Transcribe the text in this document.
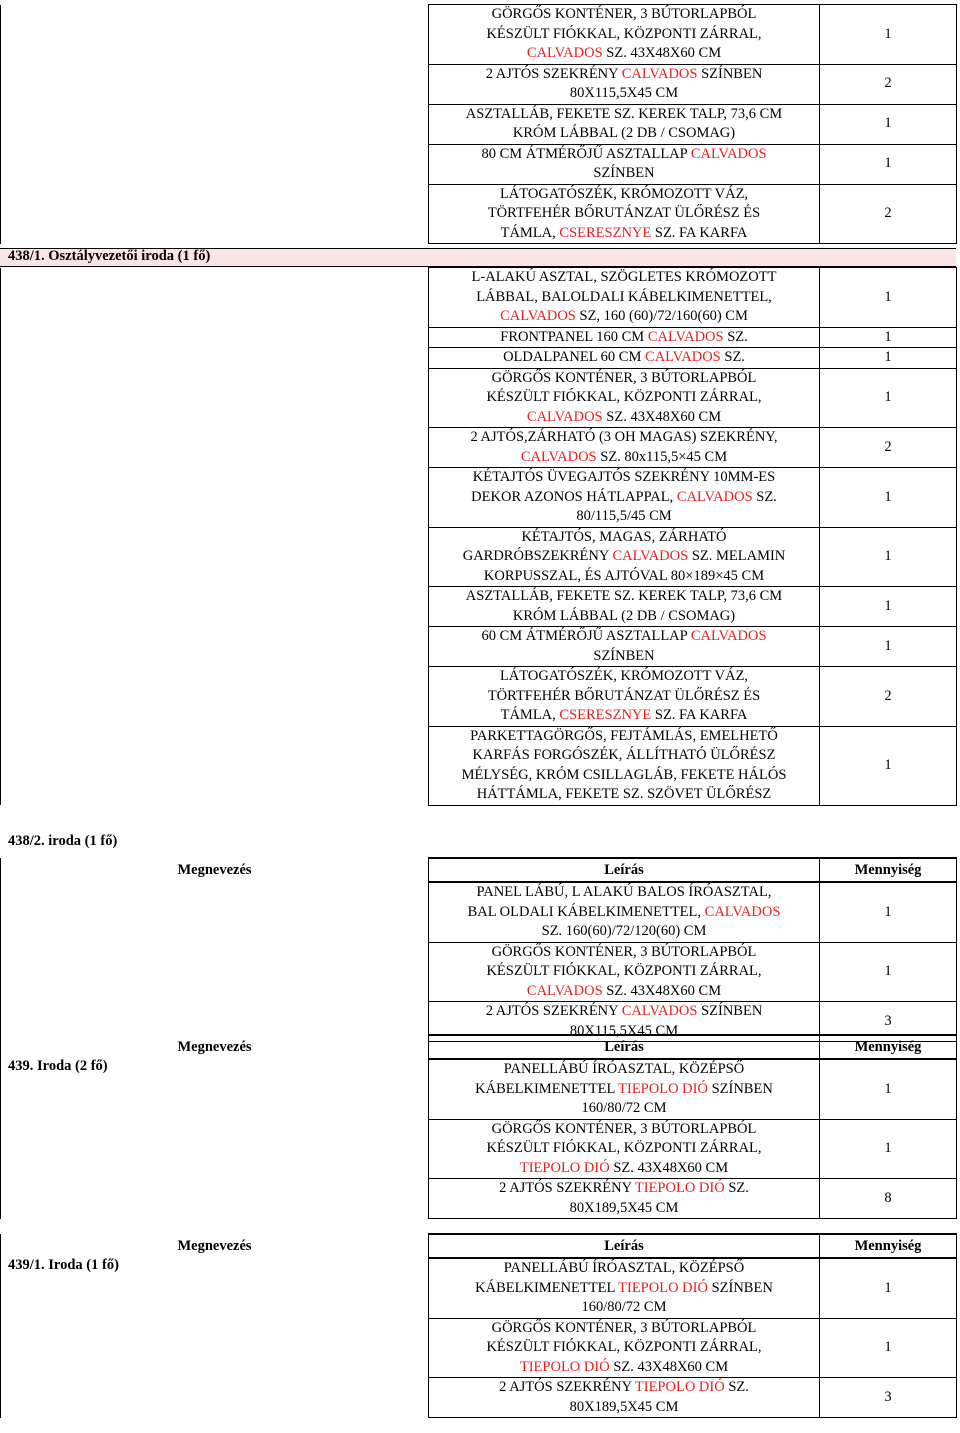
	GÖRGŐS KONTÉNER, 3 BÚTORLAPBÓL
KÉSZÜLT FIÓKKAL, KÖZPONTI ZÁRRAL,
CALVADOS SZ. 43X48X60 CM	1

	2 AJTÓS SZEKRÉNY CALVADOS SZÍNBEN
80X115,5X45 CM	2

	ASZTALLÁB, FEKETE SZ. KEREK TALP, 73,6 CM
KRÓM LÁBBAL (2 DB / CSOMAG)	1

	80 CM ÁTMÉRŐJŰ ASZTALLAP CALVADOS
SZÍNBEN	1

	LÁTOGATÓSZÉK, KRÓMOZOTT VÁZ,
TÖRTFEHÉR BŐRUTÁNZAT ÜLŐRÉSZ ÉS
TÁMLA, CSERESZNYE SZ. FA KARFA	2
438/1. Osztályvezetői iroda (1 fő)

	L-ALAKÚ ASZTAL, SZÖGLETES KRÓMOZOTT
LÁBBAL, BALOLDALI KÁBELKIMENETTEL,
CALVADOS SZ, 160 (60)/72/160(60) CM	1

	FRONTPANEL 160 CM CALVADOS SZ.	1

	OLDALPANEL 60 CM CALVADOS SZ.	1

	GÖRGŐS KONTÉNER, 3 BÚTORLAPBÓL
KÉSZÜLT FIÓKKAL, KÖZPONTI ZÁRRAL,
CALVADOS SZ. 43X48X60 CM	1

	2 AJTÓS,ZÁRHATÓ (3 OH MAGAS) SZEKRÉNY,
CALVADOS SZ. 80x115,5×45 CM	2

	KÉTAJTÓS ÜVEGAJTÓS SZEKRÉNY 10MM-ES
DEKOR AZONOS HÁTLAPPAL, CALVADOS SZ.
80/115,5/45 CM	1

	KÉTAJTÓS, MAGAS, ZÁRHATÓ
GARDRÓBSZEKRÉNY CALVADOS SZ. MELAMIN
KORPUSSZAL, ÉS AJTÓVAL 80×189×45 CM	1

	ASZTALLÁB, FEKETE SZ. KEREK TALP, 73,6 CM
KRÓM LÁBBAL (2 DB / CSOMAG)	1

	60 CM ÁTMÉRŐJŰ ASZTALLAP CALVADOS
SZÍNBEN	1

	LÁTOGATÓSZÉK, KRÓMOZOTT VÁZ,
TÖRTFEHÉR BŐRUTÁNZAT ÜLŐRÉSZ ÉS
TÁMLA, CSERESZNYE SZ. FA KARFA	2

	PARKETTAGÖRGŐS, FEJTÁMLÁS, EMELHETŐ
KARFÁS FORGÓSZÉK, ÁLLÍTHATÓ ÜLŐRÉSZ
MÉLYSÉG, KRÓM CSILLAGLÁB, FEKETE HÁLÓS
HÁTTÁMLA, FEKETE SZ. SZÖVET ÜLŐRÉSZ	1
438/2. iroda (1 fő)
Megnevezés	Leírás	Mennyiség

	PANEL LÁBÚ, L ALAKÚ BALOS ÍRÓASZTAL,
BAL OLDALI KÁBELKIMENETTEL, CALVADOS
SZ. 160(60)/72/120(60) CM	1

	GÖRGŐS KONTÉNER, 3 BÚTORLAPBÓL
KÉSZÜLT FIÓKKAL, KÖZPONTI ZÁRRAL,
CALVADOS SZ. 43X48X60 CM	1

	2 AJTÓS SZEKRÉNY CALVADOS SZÍNBEN
80X115,5X45 CM	3
Megnevezés	Leírás	Mennyiség

	PANELLÁBÚ ÍRÓASZTAL, KÖZÉPSŐ
KÁBELKIMENETTEL TIEPOLO DIÓ SZÍNBEN
160/80/72 CM	1

	GÖRGŐS KONTÉNER, 3 BÚTORLAPBÓL
KÉSZÜLT FIÓKKAL, KÖZPONTI ZÁRRAL,
TIEPOLO DIÓ SZ. 43X48X60 CM	1

	2 AJTÓS SZEKRÉNY TIEPOLO DIÓ SZ.
80X189,5X45 CM	8
439. Iroda (2 fő)
Megnevezés	Leírás	Mennyiség

	PANELLÁBÚ ÍRÓASZTAL, KÖZÉPSŐ
KÁBELKIMENETTEL TIEPOLO DIÓ SZÍNBEN
160/80/72 CM	1

	GÖRGŐS KONTÉNER, 3 BÚTORLAPBÓL
KÉSZÜLT FIÓKKAL, KÖZPONTI ZÁRRAL,
TIEPOLO DIÓ SZ. 43X48X60 CM	1

	2 AJTÓS SZEKRÉNY TIEPOLO DIÓ SZ.
80X189,5X45 CM	3
439/1. Iroda (1 fő)
